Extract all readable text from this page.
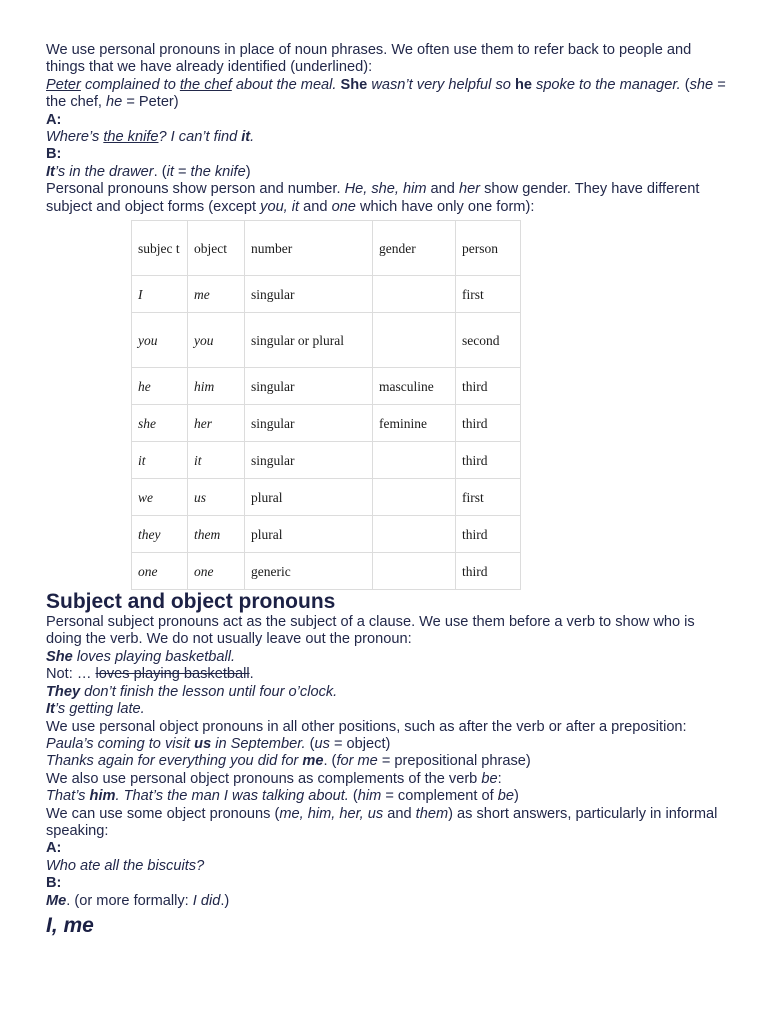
We use personal pronouns in place of noun phrases. We often use them to refer back to people and things that we have already identified (underlined):

Peter complained to the chef about the meal. She wasn’t very helpful so he spoke to the manager. (she = the chef, he = Peter)

A:

Where’s the knife? I can’t find it.

B:

It’s in the drawer. (it = the knife)

Personal pronouns show person and number. He, she, him and her show gender. They have different subject and object forms (except you, it and one which have only one form):

subjec t	object	number	gender	person
I	me	singular		first
you	you	singular or plural		second
he	him	singular	masculine	third
she	her	singular	feminine	third
it	it	singular		third
we	us	plural		first
they	them	plural		third
one	one	generic		third
Subject and object pronouns

Personal subject pronouns act as the subject of a clause. We use them before a verb to show who is doing the verb. We do not usually leave out the pronoun:

She loves playing basketball.

Not: … loves playing basketball.

They don’t finish the lesson until four o’clock.

It’s getting late.

We use personal object pronouns in all other positions, such as after the verb or after a preposition:

Paula’s coming to visit us in September. (us = object)

Thanks again for everything you did for me. (for me = prepositional phrase)

We also use personal object pronouns as complements of the verb be:

That’s him. That’s the man I was talking about. (him = complement of be)

We can use some object pronouns (me, him, her, us and them) as short answers, particularly in informal speaking:

A:

Who ate all the biscuits?

B:

Me. (or more formally: I did.)

I, me
